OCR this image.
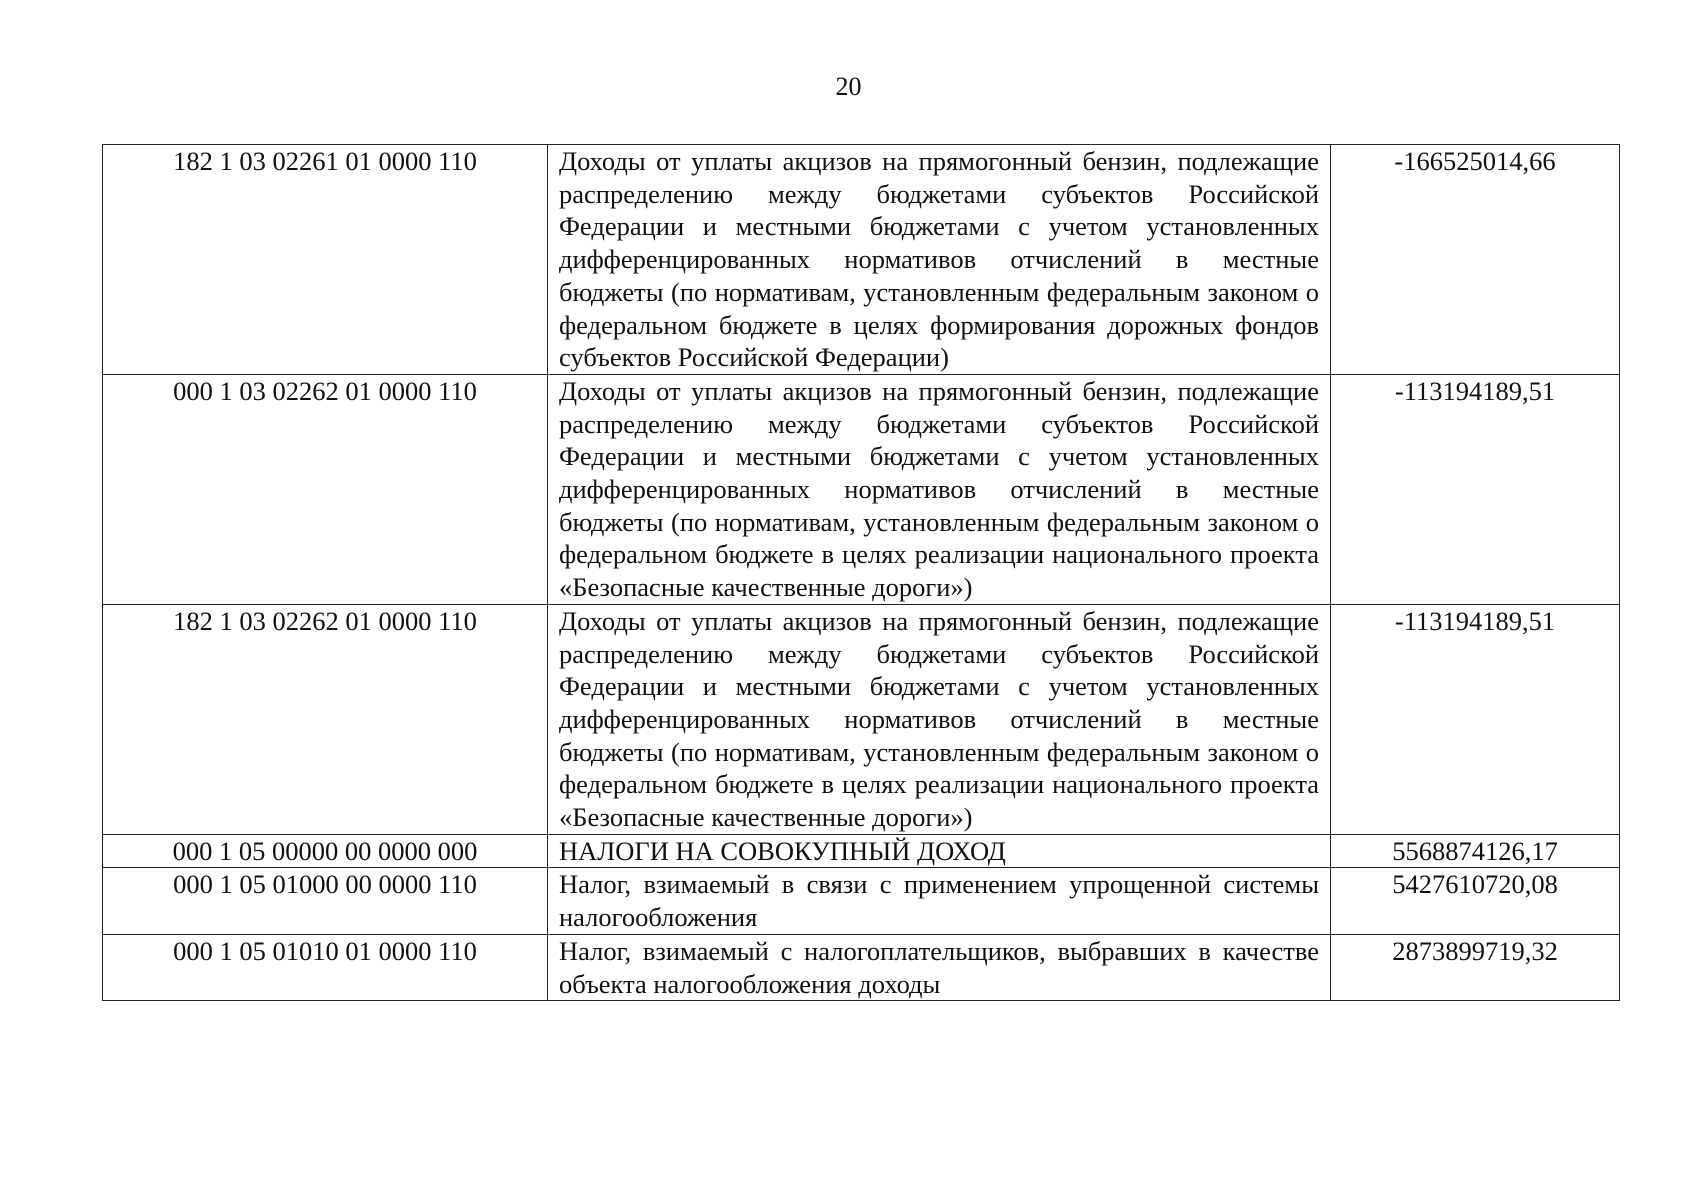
20
182 1 03 02261 01 0000 110	Доходы от уплаты акцизов на прямогонный бензин, подлежащие распределению между бюджетами субъектов Российской Федерации и местными бюджетами с учетом установленных дифференцированных нормативов отчислений в местные бюджеты (по нормативам, установленным федеральным законом о федеральном бюджете в целях формирования дорожных фондов субъектов Российской Федерации)	-166525014,66
000 1 03 02262 01 0000 110	Доходы от уплаты акцизов на прямогонный бензин, подлежащие распределению между бюджетами субъектов Российской Федерации и местными бюджетами с учетом установленных дифференцированных нормативов отчислений в местные бюджеты (по нормативам, установленным федеральным законом о федеральном бюджете в целях реализации национального проекта «Безопасные качественные дороги»)	-113194189,51
182 1 03 02262 01 0000 110	Доходы от уплаты акцизов на прямогонный бензин, подлежащие распределению между бюджетами субъектов Российской Федерации и местными бюджетами с учетом установленных дифференцированных нормативов отчислений в местные бюджеты (по нормативам, установленным федеральным законом о федеральном бюджете в целях реализации национального проекта «Безопасные качественные дороги»)	-113194189,51
000 1 05 00000 00 0000 000	НАЛОГИ НА СОВОКУПНЫЙ ДОХОД	5568874126,17
000 1 05 01000 00 0000 110	Налог, взимаемый в связи с применением упрощенной системы налогообложения	5427610720,08
000 1 05 01010 01 0000 110	Налог, взимаемый с налогоплательщиков, выбравших в качестве объекта налогообложения доходы	2873899719,32
